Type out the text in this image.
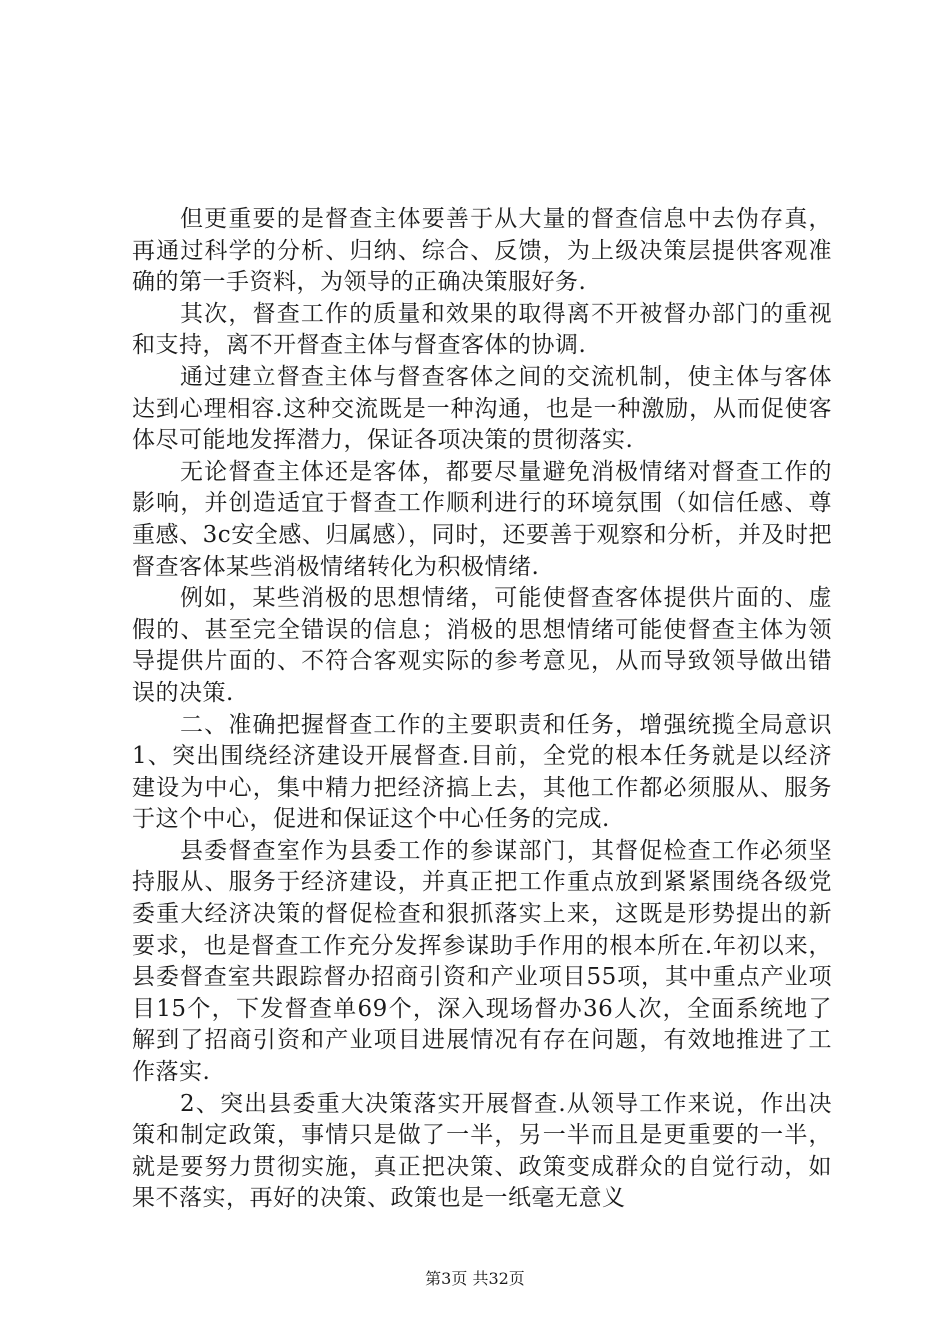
但更重要的是督查主体要善于从大量的督查信息中去伪存真，再通过科学的分析、归纳、综合、反馈，为上级决策层提供客观准确的第一手资料，为领导的正确决策服好务.

其次，督查工作的质量和效果的取得离不开被督办部门的重视和支持，离不开督查主体与督查客体的协调.

通过建立督查主体与督查客体之间的交流机制，使主体与客体达到心理相容.这种交流既是一种沟通，也是一种激励，从而促使客体尽可能地发挥潜力，保证各项决策的贯彻落实.

无论督查主体还是客体，都要尽量避免消极情绪对督查工作的影响，并创造适宜于督查工作顺利进行的环境氛围（如信任感、尊重感、3c安全感、归属感），同时，还要善于观察和分析，并及时把督查客体某些消极情绪转化为积极情绪.

例如，某些消极的思想情绪，可能使督查客体提供片面的、虚假的、甚至完全错误的信息；消极的思想情绪可能使督查主体为领导提供片面的、不符合客观实际的参考意见，从而导致领导做出错误的决策.

二、准确把握督查工作的主要职责和任务，增强统揽全局意识1、突出围绕经济建设开展督查.目前，全党的根本任务就是以经济建设为中心，集中精力把经济搞上去，其他工作都必须服从、服务于这个中心，促进和保证这个中心任务的完成.

县委督查室作为县委工作的参谋部门，其督促检查工作必须坚持服从、服务于经济建设，并真正把工作重点放到紧紧围绕各级党委重大经济决策的督促检查和狠抓落实上来，这既是形势提出的新要求，也是督查工作充分发挥参谋助手作用的根本所在.年初以来，县委督查室共跟踪督办招商引资和产业项目55项，其中重点产业项目15个，下发督查单69个，深入现场督办36人次，全面系统地了解到了招商引资和产业项目进展情况有存在问题，有效地推进了工作落实.

2、突出县委重大决策落实开展督查.从领导工作来说，作出决策和制定政策，事情只是做了一半，另一半而且是更重要的一半，就是要努力贯彻实施，真正把决策、政策变成群众的自觉行动，如果不落实，再好的决策、政策也是一纸毫无意义

第3页 共32页
